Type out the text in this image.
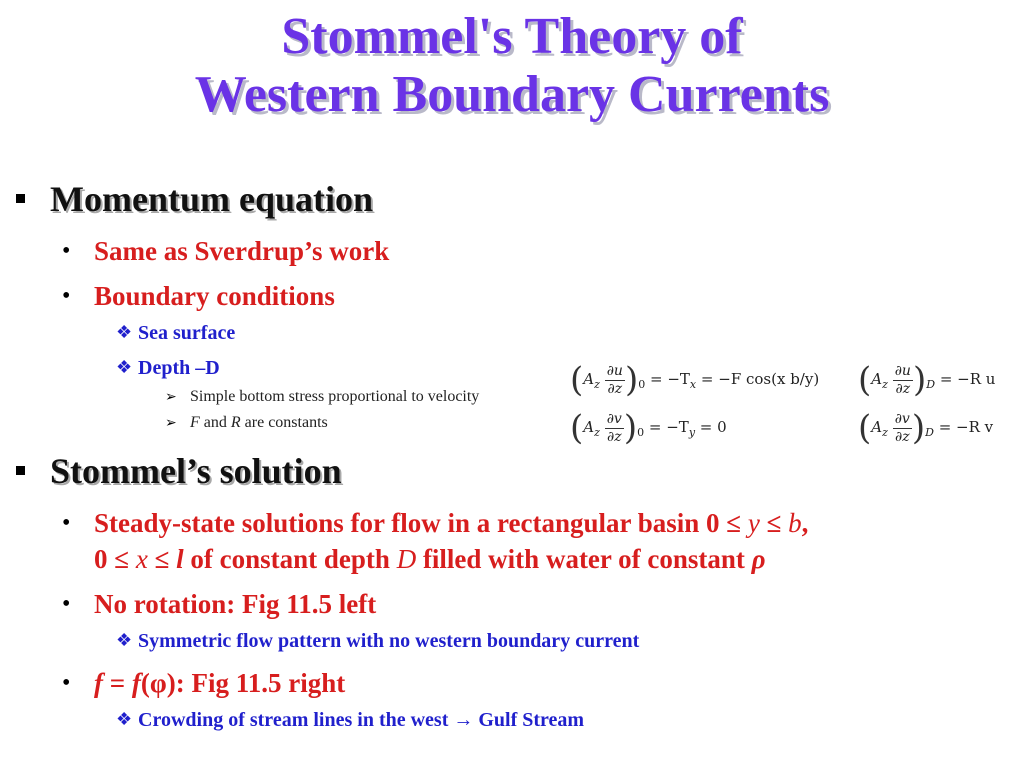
Stommel's Theory of
Western Boundary Currents
Momentum equation
• Same as Sverdrup’s work
• Boundary conditions
❖ Sea surface
❖ Depth –D
➢ Simple bottom stress proportional to velocity
➢ F and R are constants
$(A_z \frac{\partial u}{\partial z})_0 = -T_x = -F$ cos(x b/y)
$(A_z \frac{\partial v}{\partial z})_0 = -T_y = 0$
$(A_z \frac{\partial u}{\partial z})_D = -R$ u
$(A_z \frac{\partial v}{\partial z})_D = -R$ v
Stommel’s solution
• Steady-state solutions for flow in a rectangular basin 0 ≤ y ≤ b,
0 ≤ x ≤ l of constant depth D filled with water of constant ρ
• No rotation: Fig 11.5 left
❖ Symmetric flow pattern with no western boundary current
• f = f(φ): Fig 11.5 right
❖ Crowding of stream lines in the west → Gulf Stream
